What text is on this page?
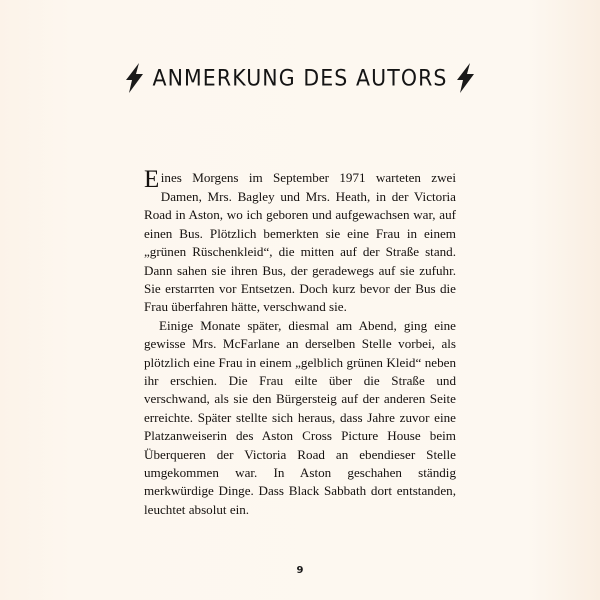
ANMERKUNG DES AUTORS

Eines Morgens im September 1971 warteten zwei Damen, Mrs. Bagley und Mrs. Heath, in der Victoria Road in Aston, wo ich geboren und aufgewachsen war, auf einen Bus. Plötzlich bemerkten sie eine Frau in einem „grünen Rüschenkleid“, die mitten auf der Straße stand. Dann sahen sie ihren Bus, der geradewegs auf sie zufuhr. Sie erstarrten vor Entsetzen. Doch kurz bevor der Bus die Frau überfahren hätte, verschwand sie.

Einige Monate später, diesmal am Abend, ging eine gewisse Mrs. McFarlane an derselben Stelle vorbei, als plötzlich eine Frau in einem „gelblich grünen Kleid“ neben ihr erschien. Die Frau eilte über die Straße und verschwand, als sie den Bürgersteig auf der anderen Seite erreichte. Später stellte sich heraus, dass Jahre zuvor eine Platzanweiserin des Aston Cross Picture House beim Überqueren der Victoria Road an ebendieser Stelle umgekommen war. In Aston geschahen ständig merkwürdige Dinge. Dass Black Sabbath dort entstanden, leuchtet absolut ein.

9
